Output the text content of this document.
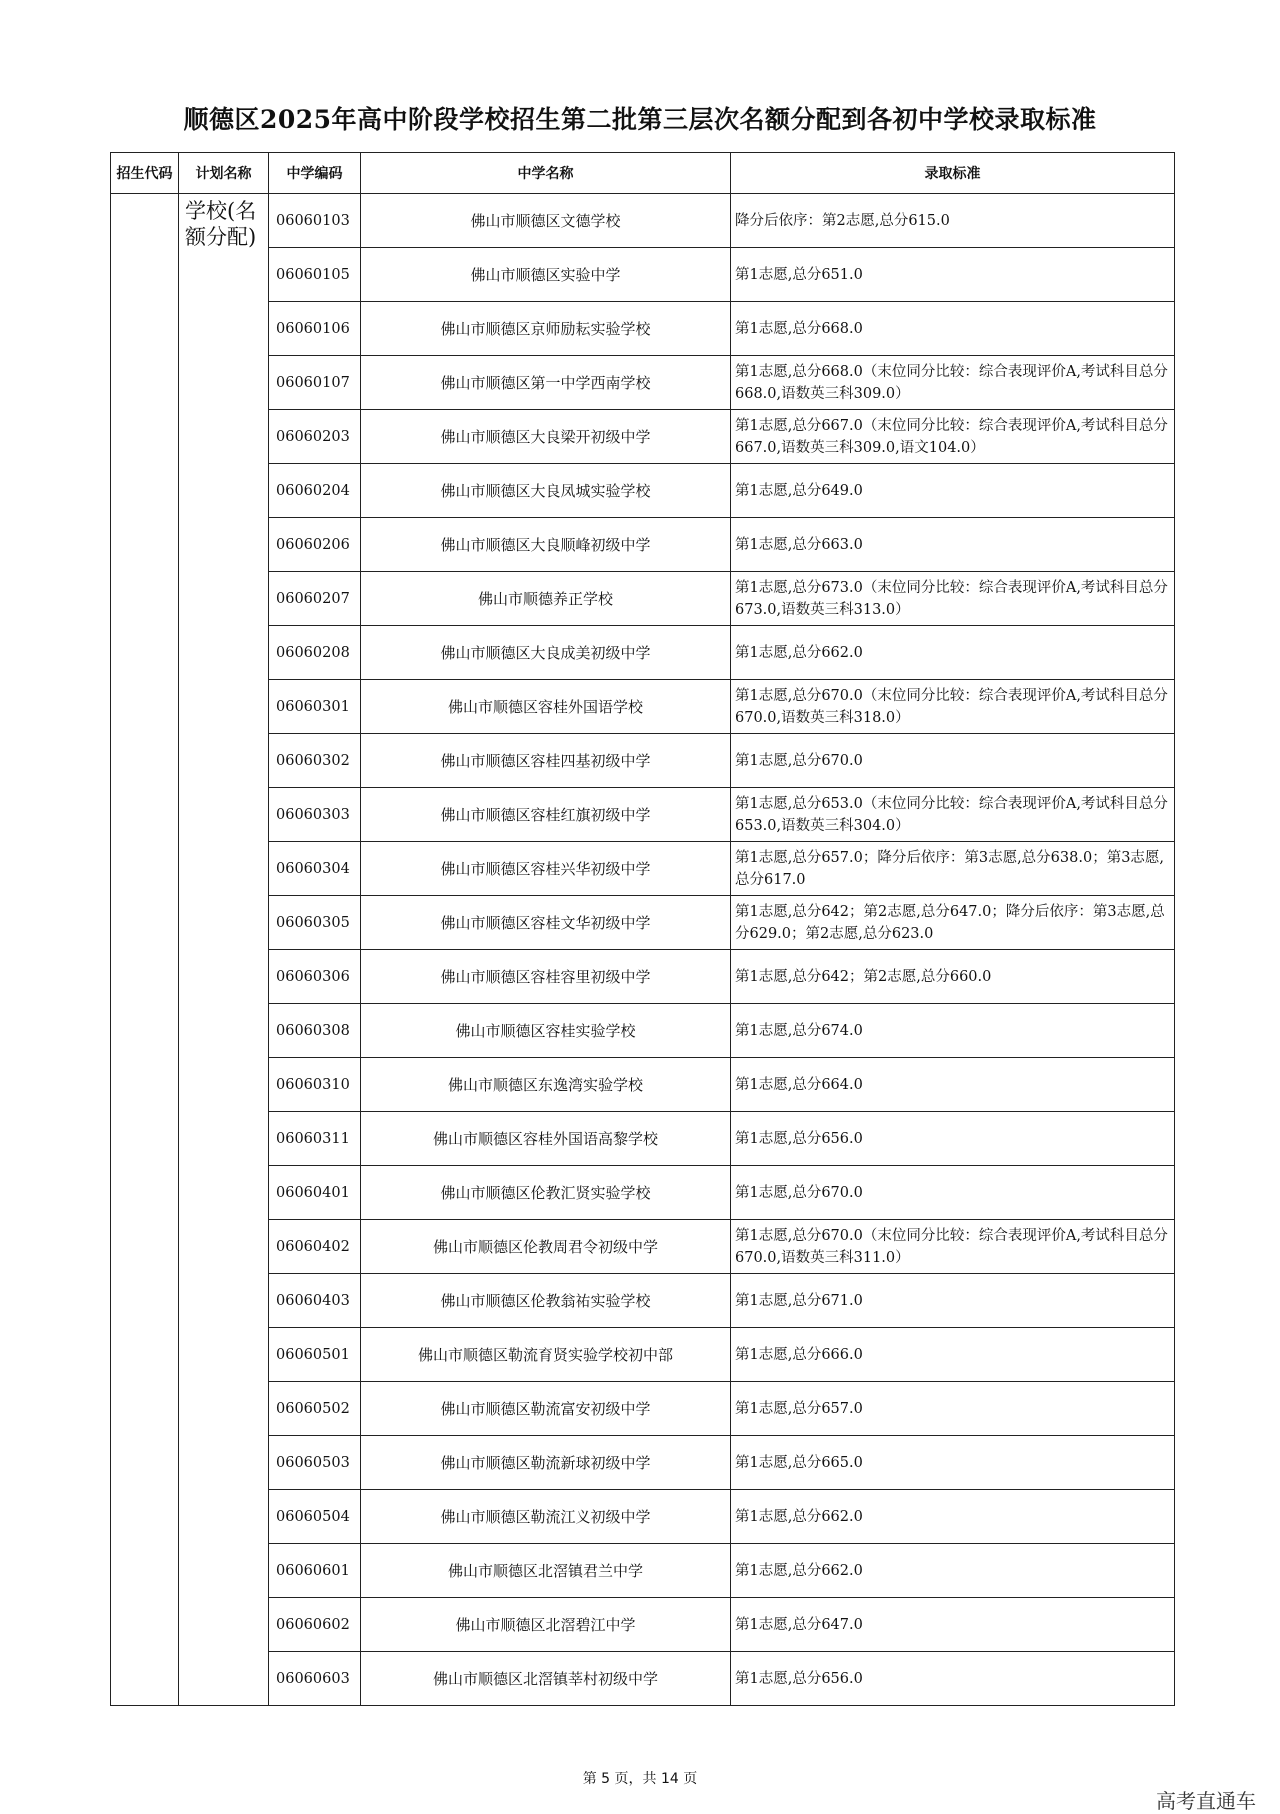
顺德区2025年高中阶段学校招生第二批第三层次名额分配到各初中学校录取标准
招生代码	计划名称	中学编码	中学名称	录取标准
	学校(名额分配)	06060103	佛山市顺德区文德学校	降分后依序：第2志愿,总分615.0
		06060105	佛山市顺德区实验中学	第1志愿,总分651.0
		06060106	佛山市顺德区京师励耘实验学校	第1志愿,总分668.0
		06060107	佛山市顺德区第一中学西南学校	第1志愿,总分668.0（末位同分比较：综合表现评价A,考试科目总分668.0,语数英三科309.0）
		06060203	佛山市顺德区大良梁开初级中学	第1志愿,总分667.0（末位同分比较：综合表现评价A,考试科目总分667.0,语数英三科309.0,语文104.0）
		06060204	佛山市顺德区大良凤城实验学校	第1志愿,总分649.0
		06060206	佛山市顺德区大良顺峰初级中学	第1志愿,总分663.0
		06060207	佛山市顺德养正学校	第1志愿,总分673.0（末位同分比较：综合表现评价A,考试科目总分673.0,语数英三科313.0）
		06060208	佛山市顺德区大良成美初级中学	第1志愿,总分662.0
		06060301	佛山市顺德区容桂外国语学校	第1志愿,总分670.0（末位同分比较：综合表现评价A,考试科目总分670.0,语数英三科318.0）
		06060302	佛山市顺德区容桂四基初级中学	第1志愿,总分670.0
		06060303	佛山市顺德区容桂红旗初级中学	第1志愿,总分653.0（末位同分比较：综合表现评价A,考试科目总分653.0,语数英三科304.0）
		06060304	佛山市顺德区容桂兴华初级中学	第1志愿,总分657.0；降分后依序：第3志愿,总分638.0；第3志愿,总分617.0
		06060305	佛山市顺德区容桂文华初级中学	第1志愿,总分642；第2志愿,总分647.0；降分后依序：第3志愿,总分629.0；第2志愿,总分623.0
		06060306	佛山市顺德区容桂容里初级中学	第1志愿,总分642；第2志愿,总分660.0
		06060308	佛山市顺德区容桂实验学校	第1志愿,总分674.0
		06060310	佛山市顺德区东逸湾实验学校	第1志愿,总分664.0
		06060311	佛山市顺德区容桂外国语高黎学校	第1志愿,总分656.0
		06060401	佛山市顺德区伦教汇贤实验学校	第1志愿,总分670.0
		06060402	佛山市顺德区伦教周君令初级中学	第1志愿,总分670.0（末位同分比较：综合表现评价A,考试科目总分670.0,语数英三科311.0）
		06060403	佛山市顺德区伦教翁祐实验学校	第1志愿,总分671.0
		06060501	佛山市顺德区勒流育贤实验学校初中部	第1志愿,总分666.0
		06060502	佛山市顺德区勒流富安初级中学	第1志愿,总分657.0
		06060503	佛山市顺德区勒流新球初级中学	第1志愿,总分665.0
		06060504	佛山市顺德区勒流江义初级中学	第1志愿,总分662.0
		06060601	佛山市顺德区北滘镇君兰中学	第1志愿,总分662.0
		06060602	佛山市顺德区北滘碧江中学	第1志愿,总分647.0
		06060603	佛山市顺德区北滘镇莘村初级中学	第1志愿,总分656.0
第 5 页，共 14 页
高考直通车
